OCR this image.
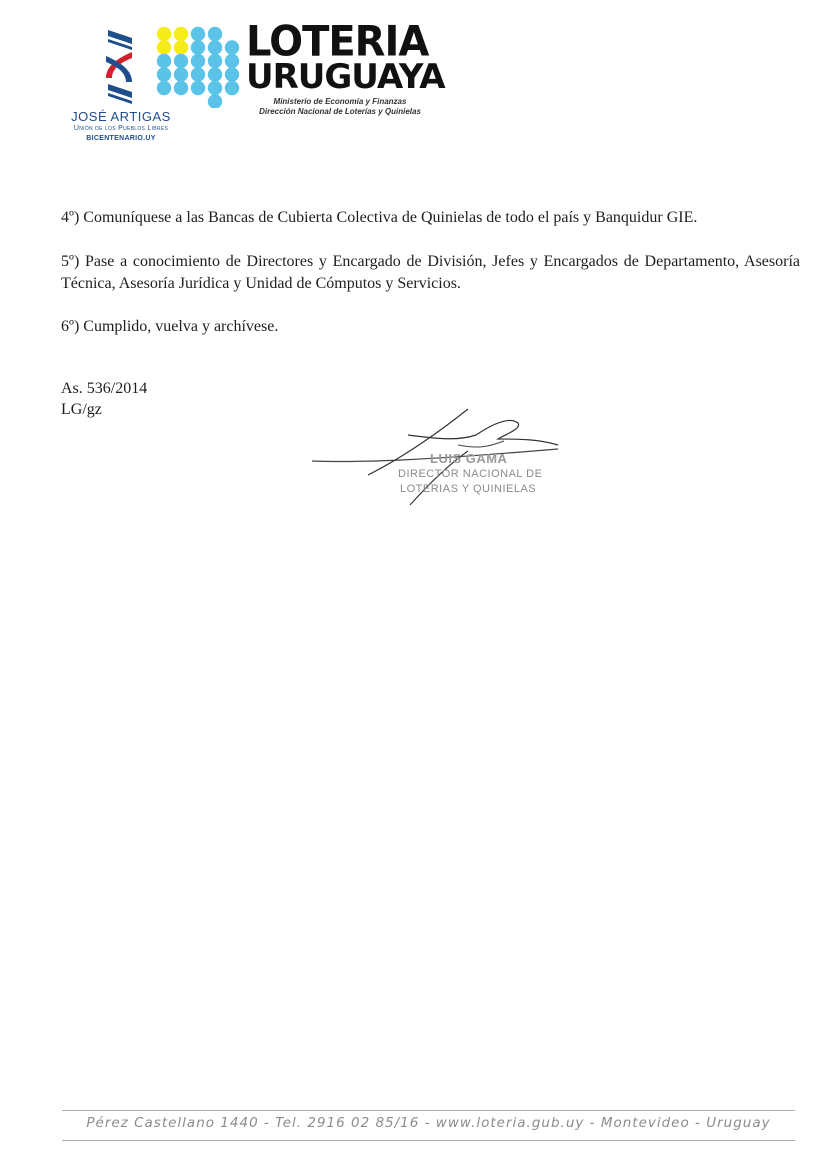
JOSÉ ARTIGAS
Unión de los Pueblos Libres
BICENTENARIO.UY
LOTERIA
URUGUAYA
Ministerio de Economía y Finanzas
Dirección Nacional de Loterías y Quinielas
4º) Comuníquese a las Bancas de Cubierta Colectiva de Quinielas de todo el país y Banquidur GIE.
5º) Pase a conocimiento de Directores y Encargado de División, Jefes y Encargados de Departamento, Asesoría Técnica, Asesoría Jurídica y Unidad de Cómputos y Servicios.
6º) Cumplido, vuelva y archívese.
As. 536/2014
LG/gz
LUIS GAMA
DIRECTOR NACIONAL DE
LOTERIAS Y QUINIELAS
Pérez Castellano 1440 - Tel. 2916 02 85/16 - www.loteria.gub.uy - Montevideo - Uruguay
